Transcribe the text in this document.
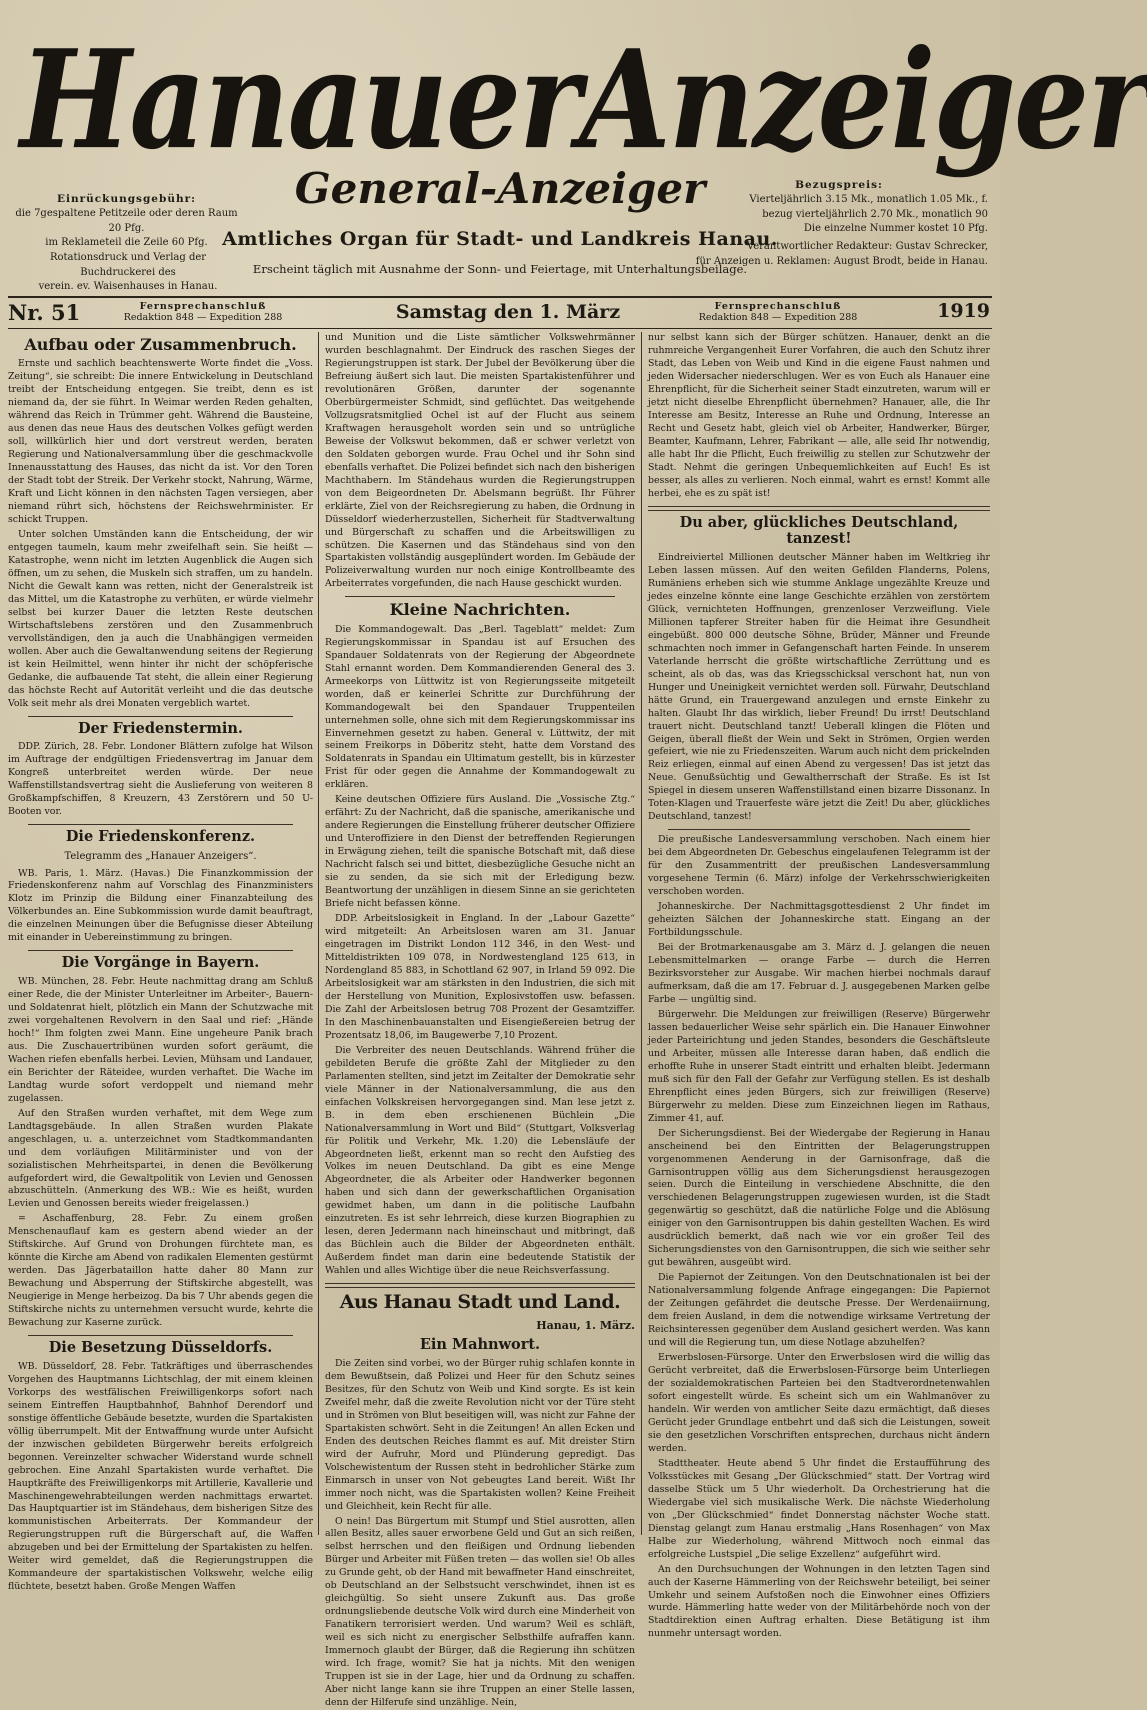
Hanauer Anzeiger
Einrückungsgebühr:
die 7gespaltene Petitzeile oder deren Raum 20 Pfg.
im Reklameteil die Zeile 60 Pfg.
Rotationsdruck und Verlag der Buchdruckerei des
verein. ev. Waisenhauses in Hanau.
General-Anzeiger	Bezugspreis:
Vierteljährlich 3.15 Mk., monatlich 1.05 Mk., f.
bezug vierteljährlich 2.70 Mk., monatlich 90
Die einzelne Nummer kostet 10 Pfg.
Verantwortlicher Redakteur: Gustav Schrecker,
für Anzeigen u. Reklamen: August Brodt, beide in Hanau.
Amtliches Organ für Stadt- und Landkreis Hanau.
Erscheint täglich mit Ausnahme der Sonn- und Feiertage, mit Unterhaltungsbeilage.
Nr. 51	Fernsprechanschluß
Redaktion 848 — Expedition 288	Samstag den 1. März	Fernsprechanschluß
Redaktion 848 — Expedition 288	1919
Aufbau oder Zusammenbruch.

Ernste und sachlich beachtenswerte Worte findet die „Voss. Zeitung“, sie schreibt: Die innere Entwickelung in Deutschland treibt der Entscheidung entgegen. Sie treibt, denn es ist niemand da, der sie führt. In Weimar werden Reden gehalten, während das Reich in Trümmer geht. Während die Bausteine, aus denen das neue Haus des deutschen Volkes gefügt werden soll, willkürlich hier und dort verstreut werden, beraten Regierung und Nationalversammlung über die geschmackvolle Innenausstattung des Hauses, das nicht da ist. Vor den Toren der Stadt tobt der Streik. Der Verkehr stockt, Nahrung, Wärme, Kraft und Licht können in den nächsten Tagen versiegen, aber niemand rührt sich, höchstens der Reichswehrminister. Er schickt Truppen.

Unter solchen Umständen kann die Entscheidung, der wir entgegen taumeln, kaum mehr zweifelhaft sein. Sie heißt — Katastrophe, wenn nicht im letzten Augenblick die Augen sich öffnen, um zu sehen, die Muskeln sich straffen, um zu handeln. Nicht die Gewalt kann was retten, nicht der Generalstreik ist das Mittel, um die Katastrophe zu verhüten, er würde vielmehr selbst bei kurzer Dauer die letzten Reste deutschen Wirtschaftslebens zerstören und den Zusammenbruch vervollständigen, den ja auch die Unabhängigen vermeiden wollen. Aber auch die Gewaltanwendung seitens der Regierung ist kein Heilmittel, wenn hinter ihr nicht der schöpferische Gedanke, die aufbauende Tat steht, die allein einer Regierung das höchste Recht auf Autorität verleiht und die das deutsche Volk seit mehr als drei Monaten vergeblich wartet.

Der Friedenstermin.

DDP. Zürich, 28. Febr. Londoner Blättern zufolge hat Wilson im Auftrage der endgültigen Friedensvertrag im Januar dem Kongreß unterbreitet werden würde. Der neue Waffenstillstandsvertrag sieht die Auslieferung von weiteren 8 Großkampfschiffen, 8 Kreuzern, 43 Zerstörern und 50 U-Booten vor.

Die Friedenskonferenz.
Telegramm des „Hanauer Anzeigers“.

WB. Paris, 1. März. (Havas.) Die Finanzkommission der Friedenskonferenz nahm auf Vorschlag des Finanzministers Klotz im Prinzip die Bildung einer Finanzabteilung des Völkerbundes an. Eine Subkommission wurde damit beauftragt, die einzelnen Meinungen über die Befugnisse dieser Abteilung mit einander in Uebereinstimmung zu bringen.

Die Vorgänge in Bayern.

WB. München, 28. Febr. Heute nachmittag drang am Schluß einer Rede, die der Minister Unterleitner im Arbeiter-, Bauern- und Soldatenrat hielt, plötzlich ein Mann der Schutzwache mit zwei vorgehaltenen Revolvern in den Saal und rief: „Hände hoch!“ Ihm folgten zwei Mann. Eine ungeheure Panik brach aus. Die Zuschauertribünen wurden sofort geräumt, die Wachen riefen ebenfalls herbei. Levien, Mühsam und Landauer, ein Berichter der Räteidee, wurden verhaftet. Die Wache im Landtag wurde sofort verdoppelt und niemand mehr zugelassen.

Auf den Straßen wurden verhaftet, mit dem Wege zum Landtagsgebäude. In allen Straßen wurden Plakate angeschlagen, u. a. unterzeichnet vom Stadtkommandanten und dem vorläufigen Militärminister und von der sozialistischen Mehrheitspartei, in denen die Bevölkerung aufgefordert wird, die Gewaltpolitik von Levien und Genossen abzuschütteln. (Anmerkung des WB.: Wie es heißt, wurden Levien und Genossen bereits wieder freigelassen.)

= Aschaffenburg, 28. Febr. Zu einem großen Menschenauflauf kam es gestern abend wieder an der Stiftskirche. Auf Grund von Drohungen fürchtete man, es könnte die Kirche am Abend von radikalen Elementen gestürmt werden. Das Jägerbataillon hatte daher 80 Mann zur Bewachung und Absperrung der Stiftskirche abgestellt, was Neugierige in Menge herbeizog. Da bis 7 Uhr abends gegen die Stiftskirche nichts zu unternehmen versucht wurde, kehrte die Bewachung zur Kaserne zurück.

Die Besetzung Düsseldorfs.

WB. Düsseldorf, 28. Febr. Tatkräftiges und überraschendes Vorgehen des Hauptmanns Lichtschlag, der mit einem kleinen Vorkorps des westfälischen Freiwilligenkorps sofort nach seinem Eintreffen Hauptbahnhof, Bahnhof Derendorf und sonstige öffentliche Gebäude besetzte, wurden die Spartakisten völlig überrumpelt. Mit der Entwaffnung wurde unter Aufsicht der inzwischen gebildeten Bürgerwehr bereits erfolgreich begonnen. Vereinzelter schwacher Widerstand wurde schnell gebrochen. Eine Anzahl Spartakisten wurde verhaftet. Die Hauptkräfte des Freiwilligenkorps mit Artillerie, Kavallerie und Maschinengewehrabteilungen werden nachmittags erwartet. Das Hauptquartier ist im Ständehaus, dem bisherigen Sitze des kommunistischen Arbeiterrats. Der Kommandeur der Regierungstruppen ruft die Bürgerschaft auf, die Waffen abzugeben und bei der Ermittelung der Spartakisten zu helfen. Weiter wird gemeldet, daß die Regierungstruppen die Kommandeure der spartakistischen Volkswehr, welche eilig flüchtete, besetzt haben. Große Mengen Waffen

und Munition und die Liste sämtlicher Volkswehrmänner wurden beschlagnahmt. Der Eindruck des raschen Sieges der Regierungstruppen ist stark. Der Jubel der Bevölkerung über die Befreiung äußert sich laut. Die meisten Spartakistenführer und revolutionären Größen, darunter der sogenannte Oberbürgermeister Schmidt, sind geflüchtet. Das weitgehende Vollzugsratsmitglied Ochel ist auf der Flucht aus seinem Kraftwagen herausgeholt worden sein und so untrügliche Beweise der Volkswut bekommen, daß er schwer verletzt von den Soldaten geborgen wurde. Frau Ochel und ihr Sohn sind ebenfalls verhaftet. Die Polizei befindet sich nach den bisherigen Machthabern. Im Ständehaus wurden die Regierungstruppen von dem Beigeordneten Dr. Abelsmann begrüßt. Ihr Führer erklärte, Ziel von der Reichsregierung zu haben, die Ordnung in Düsseldorf wiederherzustellen, Sicherheit für Stadtverwaltung und Bürgerschaft zu schaffen und die Arbeitswilligen zu schützen. Die Kasernen und das Ständehaus sind von den Spartakisten vollständig ausgeplündert worden. Im Gebäude der Polizeiverwaltung wurden nur noch einige Kontrollbeamte des Arbeiterrates vorgefunden, die nach Hause geschickt wurden.

Kleine Nachrichten.

Die Kommandogewalt. Das „Berl. Tageblatt“ meldet: Zum Regierungskommissar in Spandau ist auf Ersuchen des Spandauer Soldatenrats von der Regierung der Abgeordnete Stahl ernannt worden. Dem Kommandierenden General des 3. Armeekorps von Lüttwitz ist von Regierungsseite mitgeteilt worden, daß er keinerlei Schritte zur Durchführung der Kommandogewalt bei den Spandauer Truppenteilen unternehmen solle, ohne sich mit dem Regierungskommissar ins Einvernehmen gesetzt zu haben. General v. Lüttwitz, der mit seinem Freikorps in Döberitz steht, hatte dem Vorstand des Soldatenrats in Spandau ein Ultimatum gestellt, bis in kürzester Frist für oder gegen die Annahme der Kommandogewalt zu erklären.

Keine deutschen Offiziere fürs Ausland. Die „Vossische Ztg.“ erfährt: Zu der Nachricht, daß die spanische, amerikanische und andere Regierungen die Einstellung früherer deutscher Offiziere und Unteroffiziere in den Dienst der betreffenden Regierungen in Erwägung ziehen, teilt die spanische Botschaft mit, daß diese Nachricht falsch sei und bittet, diesbezügliche Gesuche nicht an sie zu senden, da sie sich mit der Erledigung bezw. Beantwortung der unzähligen in diesem Sinne an sie gerichteten Briefe nicht befassen könne.

DDP. Arbeitslosigkeit in England. In der „Labour Gazette“ wird mitgeteilt: An Arbeitslosen waren am 31. Januar eingetragen im Distrikt London 112 346, in den West- und Mitteldistrikten 109 078, in Nordwestengland 125 613, in Nordengland 85 883, in Schottland 62 907, in Irland 59 092. Die Arbeitslosigkeit war am stärksten in den Industrien, die sich mit der Herstellung von Munition, Explosivstoffen usw. befassen. Die Zahl der Arbeitslosen betrug 708 Prozent der Gesamtziffer. In den Maschinenbauanstalten und Eisengießereien betrug der Prozentsatz 18,06, im Baugewerbe 7,10 Prozent.

Die Verbreiter des neuen Deutschlands. Während früher die gebildeten Berufe die größte Zahl der Mitglieder zu den Parlamenten stellten, sind jetzt im Zeitalter der Demokratie sehr viele Männer in der Nationalversammlung, die aus den einfachen Volkskreisen hervorgegangen sind. Man lese jetzt z. B. in dem eben erschienenen Büchlein „Die Nationalversammlung in Wort und Bild“ (Stuttgart, Volksverlag für Politik und Verkehr, Mk. 1.20) die Lebensläufe der Abgeordneten ließt, erkennt man so recht den Aufstieg des Volkes im neuen Deutschland. Da gibt es eine Menge Abgeordneter, die als Arbeiter oder Handwerker begonnen haben und sich dann der gewerkschaftlichen Organisation gewidmet haben, um dann in die politische Laufbahn einzutreten. Es ist sehr lehrreich, diese kurzen Biographien zu lesen, deren Jedermann nach hineinschaut und mitbringt, daß das Büchlein auch die Bilder der Abgeordneten enthält. Außerdem findet man darin eine bedeutende Statistik der Wahlen und alles Wichtige über die neue Reichsverfassung.

Aus Hanau Stadt und Land.
Hanau, 1. März.
Ein Mahnwort.

Die Zeiten sind vorbei, wo der Bürger ruhig schlafen konnte in dem Bewußtsein, daß Polizei und Heer für den Schutz seines Besitzes, für den Schutz von Weib und Kind sorgte. Es ist kein Zweifel mehr, daß die zweite Revolution nicht vor der Türe steht und in Strömen von Blut beseitigen will, was nicht zur Fahne der Spartakisten schwört. Seht in die Zeitungen! An allen Ecken und Enden des deutschen Reiches flammt es auf. Mit dreister Stirn wird der Aufruhr, Mord und Plünderung gepredigt. Das Volschewistentum der Russen steht in bedrohlicher Stärke zum Einmarsch in unser von Not gebeugtes Land bereit. Wißt Ihr immer noch nicht, was die Spartakisten wollen? Keine Freiheit und Gleichheit, kein Recht für alle.

O nein! Das Bürgertum mit Stumpf und Stiel ausrotten, allen allen Besitz, alles sauer erworbene Geld und Gut an sich reißen, selbst herrschen und den fleißigen und Ordnung liebenden Bürger und Arbeiter mit Füßen treten — das wollen sie! Ob alles zu Grunde geht, ob der Hand mit bewaffneter Hand einschreitet, ob Deutschland an der Selbstsucht verschwindet, ihnen ist es gleichgültig. So sieht unsere Zukunft aus. Das große ordnungsliebende deutsche Volk wird durch eine Minderheit von Fanatikern terrorisiert werden. Und warum? Weil es schläft, weil es sich nicht zu energischer Selbsthilfe aufraffen kann. Immernoch glaubt der Bürger, daß die Regierung ihn schützen wird. Ich frage, womit? Sie hat ja nichts. Mit den wenigen Truppen ist sie in der Lage, hier und da Ordnung zu schaffen. Aber nicht lange kann sie ihre Truppen an einer Stelle lassen, denn der Hilferufe sind unzählige. Nein,

nur selbst kann sich der Bürger schützen. Hanauer, denkt an die ruhmreiche Vergangenheit Eurer Vorfahren, die auch den Schutz ihrer Stadt, das Leben von Weib und Kind in die eigene Faust nahmen und jeden Widersacher niederschlugen. Wer es von Euch als Hanauer eine Ehrenpflicht, für die Sicherheit seiner Stadt einzutreten, warum will er jetzt nicht dieselbe Ehrenpflicht übernehmen? Hanauer, alle, die Ihr Interesse am Besitz, Interesse an Ruhe und Ordnung, Interesse an Recht und Gesetz habt, gleich viel ob Arbeiter, Handwerker, Bürger, Beamter, Kaufmann, Lehrer, Fabrikant — alle, alle seid Ihr notwendig, alle habt Ihr die Pflicht, Euch freiwillig zu stellen zur Schutzwehr der Stadt. Nehmt die geringen Unbequemlichkeiten auf Euch! Es ist besser, als alles zu verlieren. Noch einmal, wahrt es ernst! Kommt alle herbei, ehe es zu spät ist!

Du aber, glückliches Deutschland, tanzest!

Eindreiviertel Millionen deutscher Männer haben im Weltkrieg ihr Leben lassen müssen. Auf den weiten Gefilden Flanderns, Polens, Rumäniens erheben sich wie stumme Anklage ungezählte Kreuze und jedes einzelne könnte eine lange Geschichte erzählen von zerstörtem Glück, vernichteten Hoffnungen, grenzenloser Verzweiflung. Viele Millionen tapferer Streiter haben für die Heimat ihre Gesundheit eingebüßt. 800 000 deutsche Söhne, Brüder, Männer und Freunde schmachten noch immer in Gefangenschaft harten Feinde. In unserem Vaterlande herrscht die größte wirtschaftliche Zerrüttung und es scheint, als ob das, was das Kriegsschicksal verschont hat, nun von Hunger und Uneinigkeit vernichtet werden soll. Fürwahr, Deutschland hätte Grund, ein Trauergewand anzulegen und ernste Einkehr zu halten. Glaubt Ihr das wirklich, lieber Freund! Du irrst! Deutschland trauert nicht. Deutschland tanzt! Ueberall klingen die Flöten und Geigen, überall fließt der Wein und Sekt in Strömen, Orgien werden gefeiert, wie nie zu Friedenszeiten. Warum auch nicht dem prickelnden Reiz erliegen, einmal auf einen Abend zu vergessen! Das ist jetzt das Neue. Genußsüchtig und Gewaltherrschaft der Straße. Es ist Ist Spiegel in diesem unseren Waffenstillstand einen bizarre Dissonanz. In Toten-Klagen und Trauerfeste wäre jetzt die Zeit! Du aber, glückliches Deutschland, tanzest!

Die preußische Landesversammlung verschoben. Nach einem hier bei dem Abgeordneten Dr. Gebeschus eingelaufenen Telegramm ist der für den Zusammentritt der preußischen Landesversammlung vorgesehene Termin (6. März) infolge der Verkehrsschwierigkeiten verschoben worden.

Johanneskirche. Der Nachmittagsgottesdienst 2 Uhr findet im geheizten Sälchen der Johanneskirche statt. Eingang an der Fortbildungsschule.

Bei der Brotmarkenausgabe am 3. März d. J. gelangen die neuen Lebensmittelmarken — orange Farbe — durch die Herren Bezirksvorsteher zur Ausgabe. Wir machen hierbei nochmals darauf aufmerksam, daß die am 17. Februar d. J. ausgegebenen Marken gelbe Farbe — ungültig sind.

Bürgerwehr. Die Meldungen zur freiwilligen (Reserve) Bürgerwehr lassen bedauerlicher Weise sehr spärlich ein. Die Hanauer Einwohner jeder Parteirichtung und jeden Standes, besonders die Geschäftsleute und Arbeiter, müssen alle Interesse daran haben, daß endlich die erhoffte Ruhe in unserer Stadt eintritt und erhalten bleibt. Jedermann muß sich für den Fall der Gefahr zur Verfügung stellen. Es ist deshalb Ehrenpflicht eines jeden Bürgers, sich zur freiwilligen (Reserve) Bürgerwehr zu melden. Diese zum Einzeichnen liegen im Rathaus, Zimmer 41, auf.

Der Sicherungsdienst. Bei der Wiedergabe der Regierung in Hanau anscheinend bei den Eintritten der Belagerungstruppen vorgenommenen Aenderung in der Garnisonfrage, daß die Garnisontruppen völlig aus dem Sicherungsdienst herausgezogen seien. Durch die Einteilung in verschiedene Abschnitte, die den verschiedenen Belagerungstruppen zugewiesen wurden, ist die Stadt gegenwärtig so geschützt, daß die natürliche Folge und die Ablösung einiger von den Garnisontruppen bis dahin gestellten Wachen. Es wird ausdrücklich bemerkt, daß nach wie vor ein großer Teil des Sicherungsdienstes von den Garnisontruppen, die sich wie seither sehr gut bewähren, ausgeübt wird.

Die Papiernot der Zeitungen. Von den Deutschnationalen ist bei der Nationalversammlung folgende Anfrage eingegangen: Die Papiernot der Zeitungen gefährdet die deutsche Presse. Der Werdenaiirnung, dem freien Ausland, in dem die notwendige wirksame Vertretung der Reichsinteressen gegenüber dem Ausland gesichert werden. Was kann und will die Regierung tun, um diese Notlage abzuhelfen?

Erwerbslosen-Fürsorge. Unter den Erwerbslosen wird die willig das Gerücht verbreitet, daß die Erwerbslosen-Fürsorge beim Unterliegen der sozialdemokratischen Parteien bei den Stadtverordnetenwahlen sofort eingestellt würde. Es scheint sich um ein Wahlmanöver zu handeln. Wir werden von amtlicher Seite dazu ermächtigt, daß dieses Gerücht jeder Grundlage entbehrt und daß sich die Leistungen, soweit sie den gesetzlichen Vorschriften entsprechen, durchaus nicht ändern werden.

Stadttheater. Heute abend 5 Uhr findet die Erstaufführung des Volksstückes mit Gesang „Der Glückschmied“ statt. Der Vortrag wird dasselbe Stück um 5 Uhr wiederholt. Da Orchestrierung hat die Wiedergabe viel sich musikalische Werk. Die nächste Wiederholung von „Der Glückschmied“ findet Donnerstag nächster Woche statt. Dienstag gelangt zum Hanau erstmalig „Hans Rosenhagen“ von Max Halbe zur Wiederholung, während Mittwoch noch einmal das erfolgreiche Lustspiel „Die selige Exzellenz“ aufgeführt wird.

An den Durchsuchungen der Wohnungen in den letzten Tagen sind auch der Kaserne Hämmerling von der Reichswehr beteiligt, bei seiner Umkehr und seinem Aufstoßen noch die Einwohner eines Offiziers wurde. Hämmerling hatte weder von der Militärbehörde noch von der Stadtdirektion einen Auftrag erhalten. Diese Betätigung ist ihm nunmehr untersagt worden.
